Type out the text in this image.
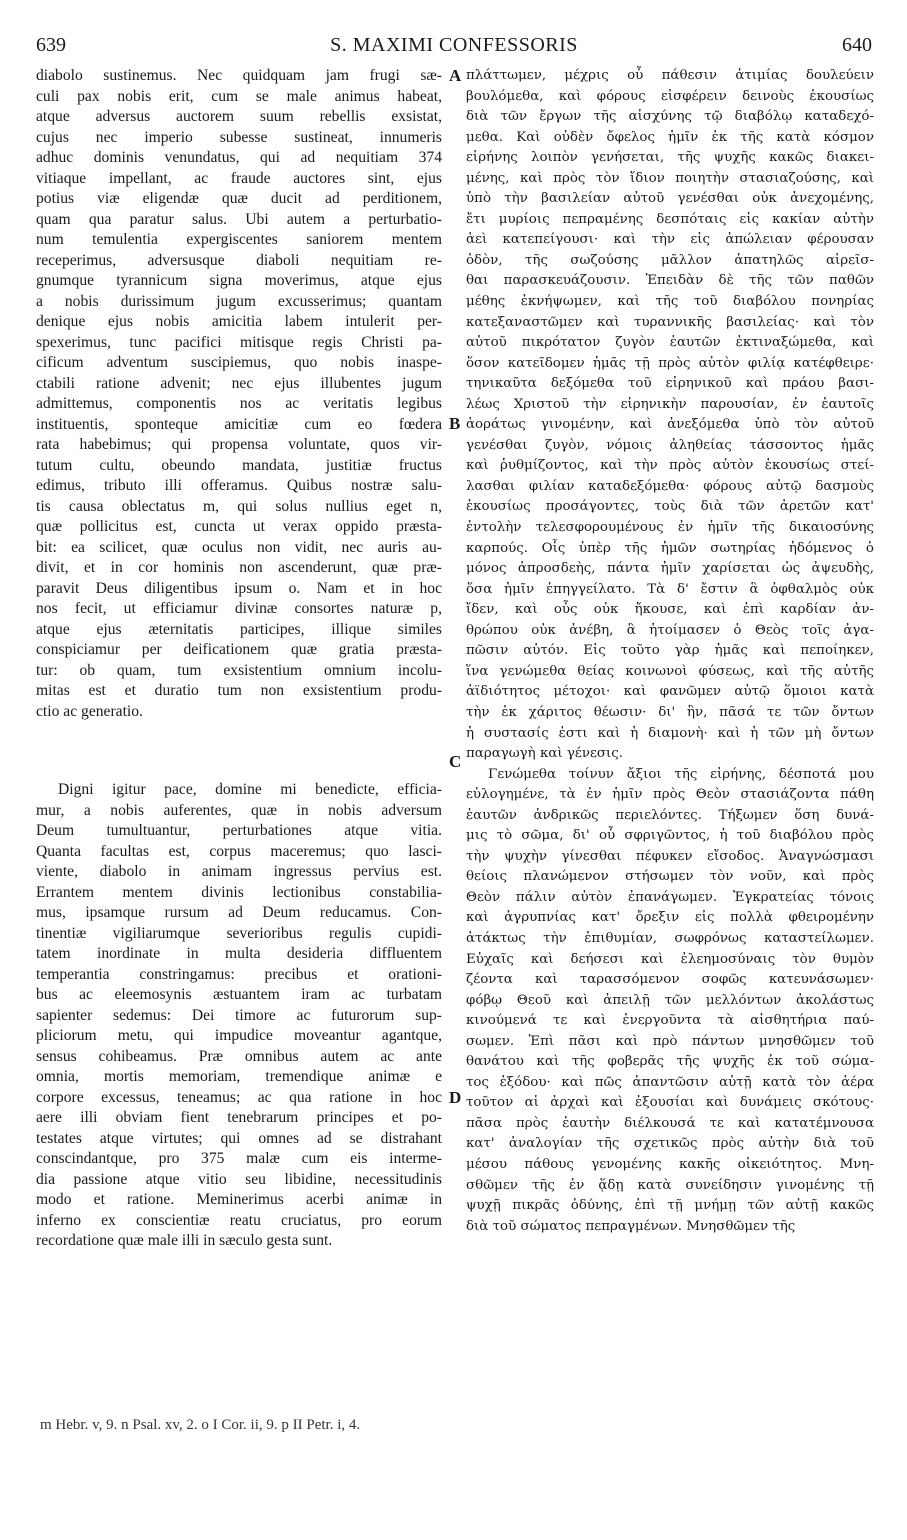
639	S. MAXIMI CONFESSORIS	640
diabolo sustinemus. Nec quidquam jam frugi sæ-
culi pax nobis erit, cum se male animus habeat,
atque adversus auctorem suum rebellis exsistat,
cujus nec imperio subesse sustineat, innumeris
adhuc dominis venundatus, qui ad nequitiam 374
vitiaque impellant, ac fraude auctores sint, ejus
potius viæ eligendæ quæ ducit ad perditionem,
quam qua paratur salus. Ubi autem a perturbatio-
num temulentia expergiscentes saniorem mentem
receperimus, adversusque diaboli nequitiam re-
gnumque tyrannicum signa moverimus, atque ejus
a nobis durissimum jugum excusserimus; quantam
denique ejus nobis amicitia labem intulerit per-
spexerimus, tunc pacifici mitisque regis Christi pa-
cificum adventum suscipiemus, quo nobis inaspe-
ctabili ratione advenit; nec ejus illubentes jugum
admittemus, componentis nos ac veritatis legibus
instituentis, sponteque amicitiæ cum eo fœdera
rata habebimus; qui propensa voluntate, quos vir-
tutum cultu, obeundo mandata, justitiæ fructus
edimus, tributo illi offeramus. Quibus nostræ salu-
tis causa oblectatus m, qui solus nullius eget n,
quæ pollicitus est, cuncta ut verax oppido præsta-
bit: ea scilicet, quæ oculus non vidit, nec auris au-
divit, et in cor hominis non ascenderunt, quæ præ-
paravit Deus diligentibus ipsum o. Nam et in hoc
nos fecit, ut efficiamur divinæ consortes naturæ p,
atque ejus æternitatis participes, illique similes
conspiciamur per deificationem quæ gratia præsta-
tur: ob quam, tum exsistentium omnium incolu-
mitas est et duratio tum non exsistentium produ-
ctio ac generatio.
Digni igitur pace, domine mi benedicte, efficia-
mur, a nobis auferentes, quæ in nobis adversum
Deum tumultuantur, perturbationes atque vitia.
Quanta facultas est, corpus maceremus; quo lasci-
viente, diabolo in animam ingressus pervius est.
Errantem mentem divinis lectionibus constabilia-
mus, ipsamque rursum ad Deum reducamus. Con-
tinentiæ vigiliarumque severioribus regulis cupidi-
tatem inordinate in multa desideria diffluentem
temperantia constringamus: precibus et orationi-
bus ac eleemosynis æstuantem iram ac turbatam
sapienter sedemus: Dei timore ac futurorum sup-
pliciorum metu, qui impudice moveantur agantque,
sensus cohibeamus. Præ omnibus autem ac ante
omnia, mortis memoriam, tremendique animæ e
corpore excessus, teneamus; ac qua ratione in hoc
aere illi obviam fient tenebrarum principes et po-
testates atque virtutes; qui omnes ad se distrahant
conscindantque, pro 375 malæ cum eis interme-
dia passione atque vitio seu libidine, necessitudinis
modo et ratione. Meminerimus acerbi animæ in
inferno ex conscientiæ reatu cruciatus, pro eorum
recordatione quæ male illi in sæculo gesta sunt.
A
B
C
D
πλάττωμεν, μέχρις οὗ πάθεσιν ἀτιμίας δουλεύειν
βουλόμεθα, καὶ φόρους εἰσφέρειν δεινοὺς ἑκουσίως
διὰ τῶν ἔργων τῆς αἰσχύνης τῷ διαβόλῳ καταδεχό-
μεθα. Καὶ οὐδὲν ὄφελος ἡμῖν ἐκ τῆς κατὰ κόσμον
εἰρήνης λοιπὸν γενήσεται, τῆς ψυχῆς κακῶς διακει-
μένης, καὶ πρὸς τὸν ἴδιον ποιητὴν στασιαζούσης, καὶ
ὑπὸ τὴν βασιλείαν αὐτοῦ γενέσθαι οὐκ ἀνεχομένης,
ἔτι μυρίοις πεπραμένης δεσπόταις εἰς κακίαν αὐτὴν
ἀεὶ κατεπείγουσι· καὶ τὴν εἰς ἀπώλειαν φέρουσαν
ὁδὸν, τῆς σωζούσης μᾶλλον ἀπατηλῶς αἱρεῖσ-
θαι παρασκευάζουσιν. Ἐπειδὰν δὲ τῆς τῶν παθῶν
μέθης ἐκνήψωμεν, καὶ τῆς τοῦ διαβόλου πονηρίας
κατεξαναστῶμεν καὶ τυραννικῆς βασιλείας· καὶ τὸν
αὐτοῦ πικρότατον ζυγὸν ἑαυτῶν ἐκτιναξώμεθα, καὶ
ὅσον κατεῖδομεν ἡμᾶς τῇ πρὸς αὐτὸν φιλίᾳ κατέφθειρε·
τηνικαῦτα δεξόμεθα τοῦ εἰρηνικοῦ καὶ πράου βασι-
λέως Χριστοῦ τὴν εἰρηνικὴν παρουσίαν, ἐν ἑαυτοῖς
ἀοράτως γινομένην, καὶ ἀνεξόμεθα ὑπὸ τὸν αὐτοῦ
γενέσθαι ζυγὸν, νόμοις ἀληθείας τάσσοντος ἡμᾶς
καὶ ῥυθμίζοντος, καὶ τὴν πρὸς αὐτὸν ἑκουσίως στεί-
λασθαι φιλίαν καταδεξόμεθα· φόρους αὐτῷ δασμοὺς
ἑκουσίως προσάγοντες, τοὺς διὰ τῶν ἀρετῶν κατ'
ἐντολὴν τελεσφορουμένους ἐν ἡμῖν τῆς δικαιοσύνης
καρπούς. Οἷς ὑπὲρ τῆς ἡμῶν σωτηρίας ἡδόμενος ὁ
μόνος ἀπροσδεὴς, πάντα ἡμῖν χαρίσεται ὡς ἀψευδὴς,
ὅσα ἡμῖν ἐπηγγείλατο. Τὰ δ' ἔστιν ἃ ὀφθαλμὸς οὐκ
ἴδεν, καὶ οὖς οὐκ ἤκουσε, καὶ ἐπὶ καρδίαν ἀν-
θρώπου οὐκ ἀνέβη, ἃ ἡτοίμασεν ὁ Θεὸς τοῖς ἀγα-
πῶσιν αὐτόν. Εἰς τοῦτο γὰρ ἡμᾶς καὶ πεποίηκεν,
ἵνα γενώμεθα θείας κοινωνοὶ φύσεως, καὶ τῆς αὐτῆς
ἀϊδιότητος μέτοχοι· καὶ φανῶμεν αὐτῷ ὅμοιοι κατὰ
τὴν ἐκ χάριτος θέωσιν· δι' ἣν, πᾶσά τε τῶν ὄντων
ἡ συστασίς ἐστι καὶ ἡ διαμονὴ· καὶ ἡ τῶν μὴ ὄντων
παραγωγὴ καὶ γένεσις.
Γενώμεθα τοίνυν ἄξιοι τῆς εἰρήνης, δέσποτά μου
εὐλογημένε, τὰ ἐν ἡμῖν πρὸς Θεὸν στασιάζοντα πάθη
ἑαυτῶν ἀνδρικῶς περιελόντες. Τήξωμεν ὅση δυνά-
μις τὸ σῶμα, δι' οὗ σφριγῶντος, ἡ τοῦ διαβόλου πρὸς
τὴν ψυχὴν γίνεσθαι πέφυκεν εἴσοδος. Ἀναγνώσμασι
θείοις πλανώμενον στήσωμεν τὸν νοῦν, καὶ πρὸς
Θεὸν πάλιν αὐτὸν ἐπανάγωμεν. Ἐγκρατείας τόνοις
καὶ ἀγρυπνίας κατ' ὄρεξιν εἰς πολλὰ φθειρομένην
ἀτάκτως τὴν ἐπιθυμίαν, σωφρόνως καταστείλωμεν.
Εὐχαῖς καὶ δεήσεσι καὶ ἐλεημοσύναις τὸν θυμὸν
ζέοντα καὶ ταρασσόμενον σοφῶς κατευνάσωμεν·
φόβῳ Θεοῦ καὶ ἀπειλῇ τῶν μελλόντων ἀκολάστως
κινούμενά τε καὶ ἐνεργοῦντα τὰ αἰσθητήρια παύ-
σωμεν. Ἐπὶ πᾶσι καὶ πρὸ πάντων μνησθῶμεν τοῦ
θανάτου καὶ τῆς φοβερᾶς τῆς ψυχῆς ἐκ τοῦ σώμα-
τος ἐξόδου· καὶ πῶς ἀπαντῶσιν αὐτῇ κατὰ τὸν ἀέρα
τοῦτον αἱ ἀρχαὶ καὶ ἐξουσίαι καὶ δυνάμεις σκότους·
πᾶσα πρὸς ἑαυτὴν διέλκουσά τε καὶ κατατέμνουσα
κατ' ἀναλογίαν τῆς σχετικῶς πρὸς αὐτὴν διὰ τοῦ
μέσου πάθους γενομένης κακῆς οἰκειότητος. Μνη-
σθῶμεν τῆς ἐν ᾅδῃ κατὰ συνείδησιν γινομένης τῇ
ψυχῇ πικρᾶς ὀδύνης, ἐπὶ τῇ μνήμῃ τῶν αὐτῇ κακῶς
διὰ τοῦ σώματος πεπραγμένων. Μνησθῶμεν τῆς
m Hebr. v, 9. n Psal. xv, 2. o I Cor. ii, 9. p II Petr. i, 4.
